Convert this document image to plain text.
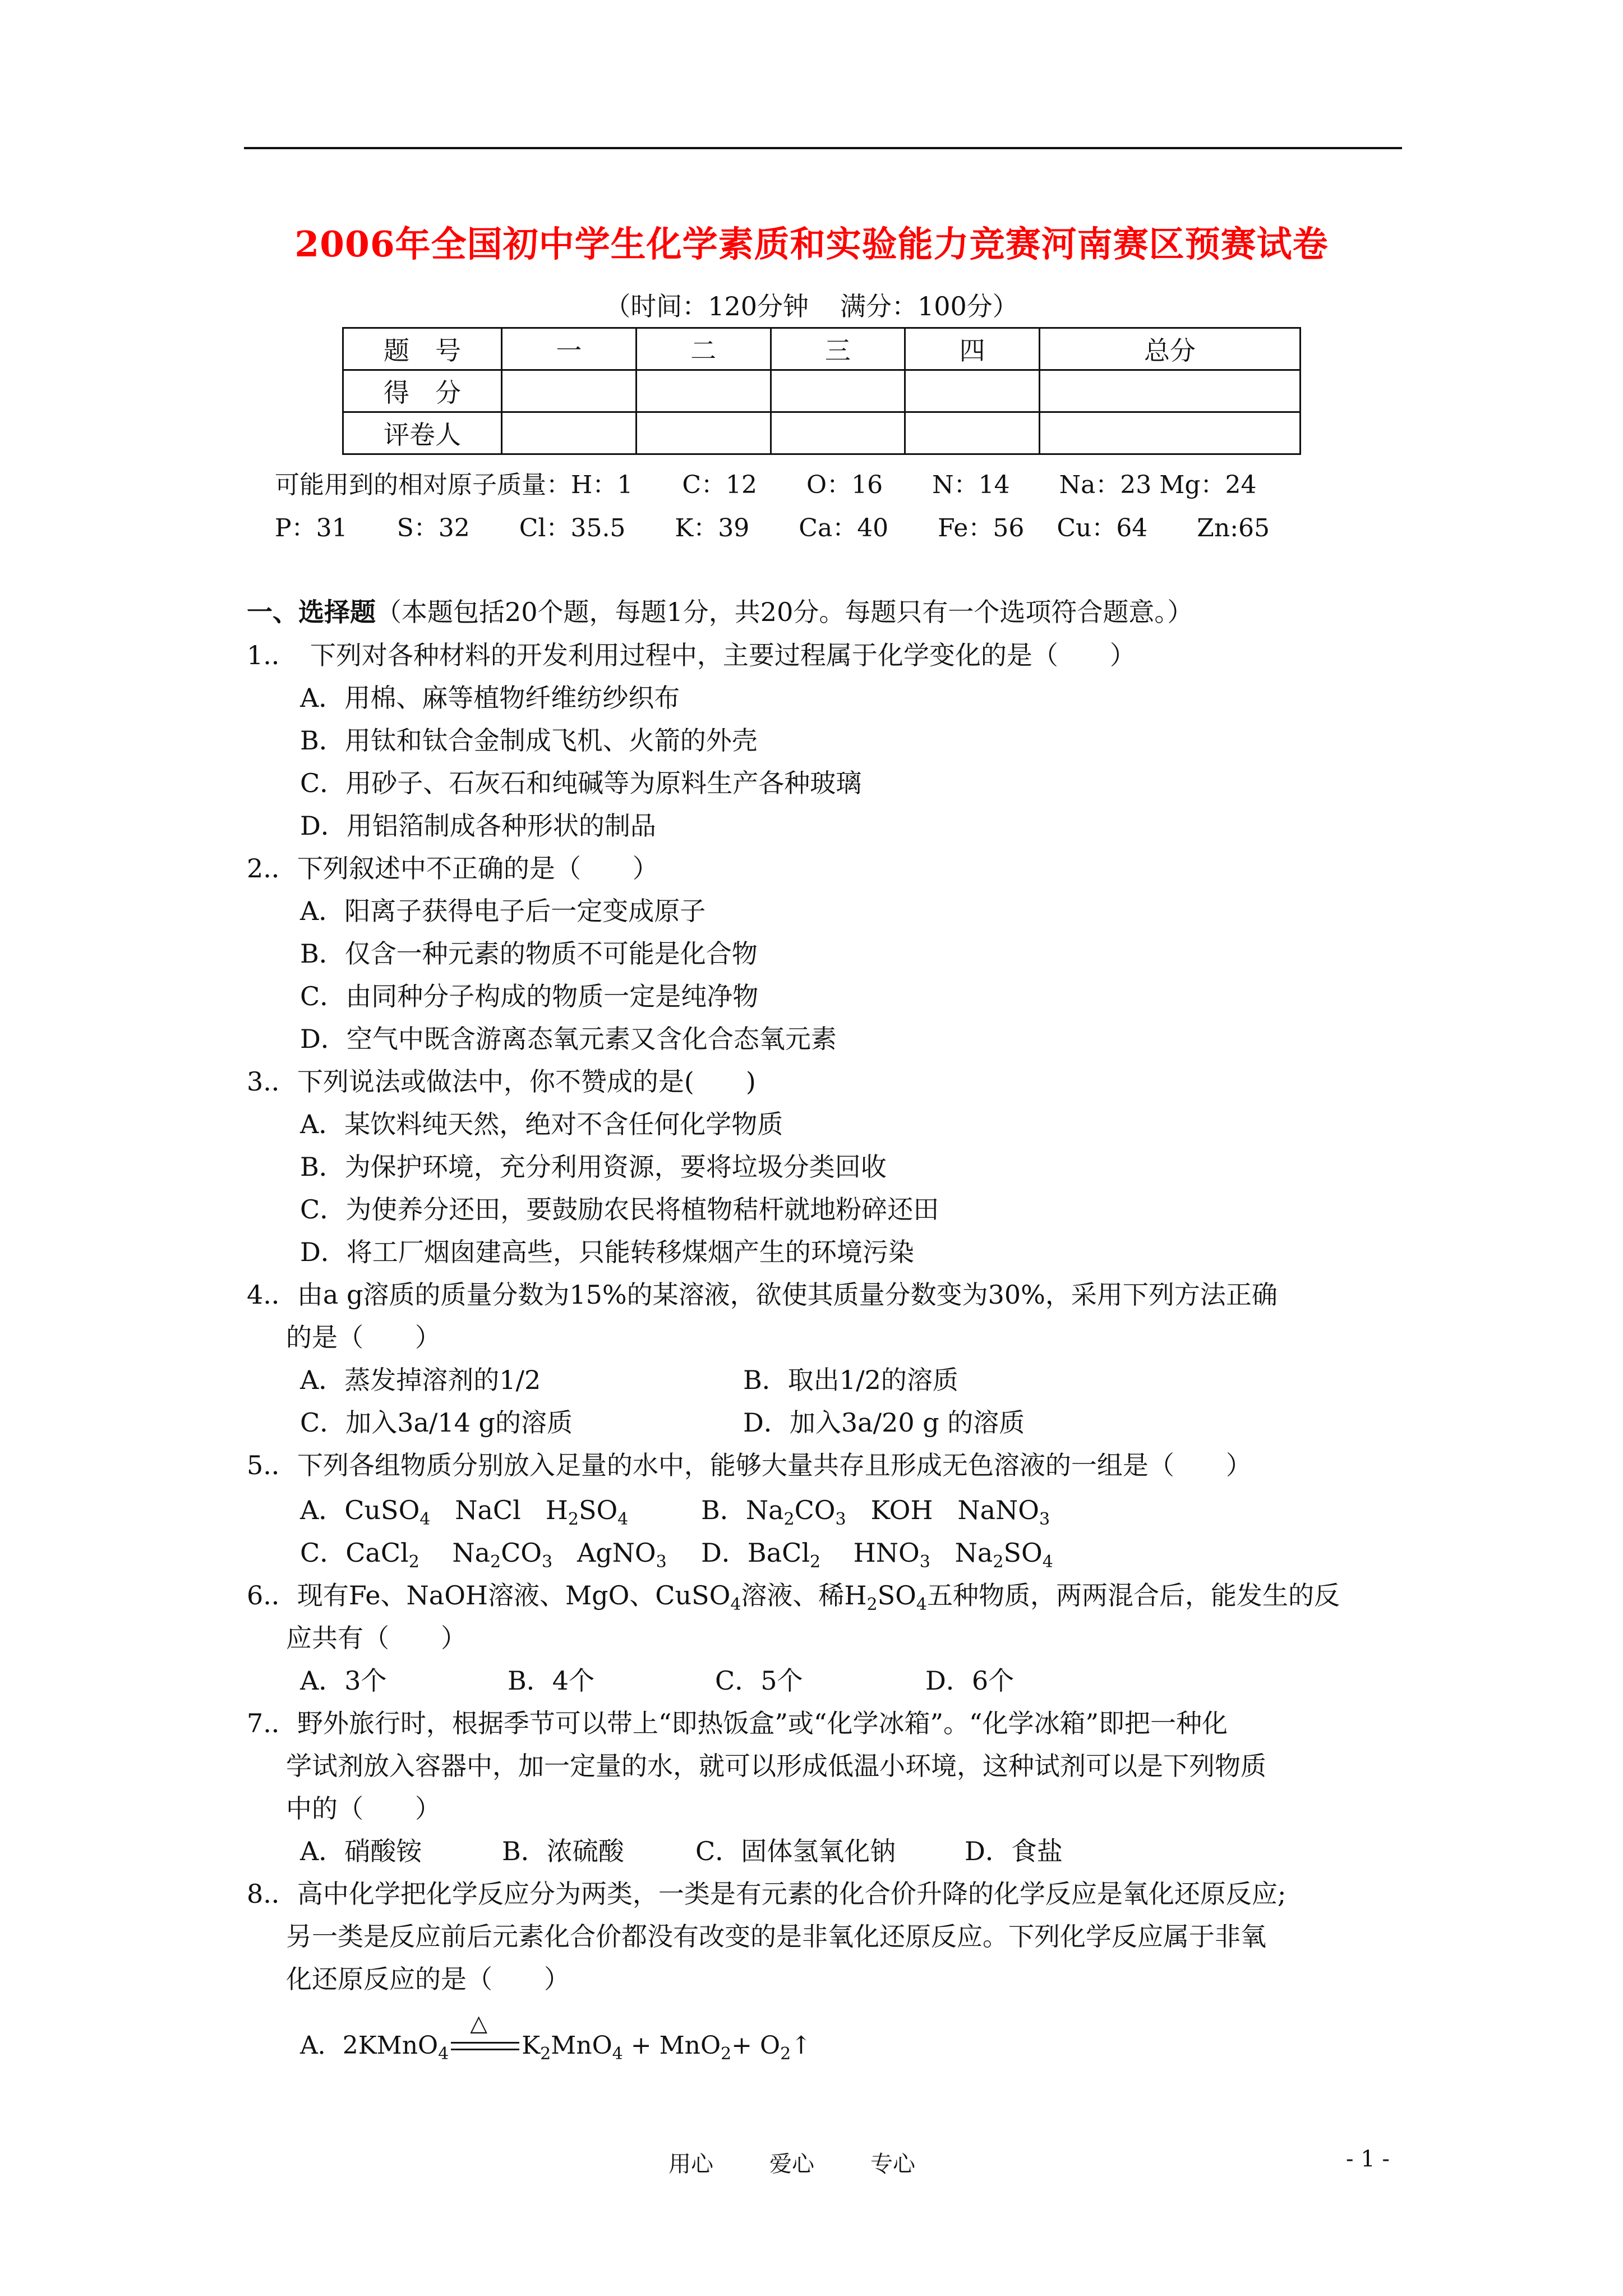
2006年全国初中学生化学素质和实验能力竞赛河南赛区预赛试卷
（时间：120分钟 满分：100分）
题　号	一	二	三	四	总分
得　分					
评卷人					
可能用到的相对原子质量：H：1　　C：12　　O：16　　N：14　　Na：23 Mg：24
P：31　　S：32　　Cl：35.5　　K：39　　Ca：40　　Fe：56　 Cu：64　　Zn:65
一、选择题（本题包括20个题，每题1分，共20分。每题只有一个选项符合题意。）
1.．　下列对各种材料的开发利用过程中，主要过程属于化学变化的是（　　）
A．用棉、麻等植物纤维纺纱织布
B．用钛和钛合金制成飞机、火箭的外壳
C．用砂子、石灰石和纯碱等为原料生产各种玻璃
D．用铝箔制成各种形状的制品
2.．下列叙述中不正确的是（　　）
A．阳离子获得电子后一定变成原子
B．仅含一种元素的物质不可能是化合物
C．由同种分子构成的物质一定是纯净物
D．空气中既含游离态氧元素又含化合态氧元素
3.．下列说法或做法中，你不赞成的是(　　)
A．某饮料纯天然，绝对不含任何化学物质
B．为保护环境，充分利用资源，要将垃圾分类回收
C．为使养分还田，要鼓励农民将植物秸杆就地粉碎还田
D．将工厂烟囱建高些，只能转移煤烟产生的环境污染
4.．由a g溶质的质量分数为15%的某溶液，欲使其质量分数变为30%，采用下列方法正确
的是（　　）
A．蒸发掉溶剂的1/2	B．取出1/2的溶质
C．加入3a/14 g的溶质	D．加入3a/20 g 的溶质
5.．下列各组物质分别放入足量的水中，能够大量共存且形成无色溶液的一组是（　　）
A．CuSO$_4$ NaCl $H_2SO_4$	B．$Na_2CO_3$ KOH NaNO$_3$
C．CaCl$_2$ $Na_2CO_3$ AgNO$_3$ D．BaCl$_2$ $HNO_3$ $Na_2SO_4$
6.．现有Fe、NaOH溶液、MgO、CuSO$_4$溶液、稀$H_2SO_4$五种物质，两两混合后，能发生的反
应共有（　　）
A．3个	B．4个	C．5个	D．6个
7.．野外旅行时，根据季节可以带上“即热饭盒”或“化学冰箱”。“化学冰箱”即把一种化
学试剂放入容器中，加一定量的水，就可以形成低温小环境，这种试剂可以是下列物质
中的（　　）
A．硝酸铵	B．浓硫酸	C．固体氢氧化钠	D．食盐
8.．高中化学把化学反应分为两类，一类是有元素的化合价升降的化学反应是氧化还原反应;
另一类是反应前后元素化合价都没有改变的是非氧化还原反应。下列化学反应属于非氧
化还原反应的是（　　）
A．2KMnO$_4$
△
$K_2MnO_4 + MnO_2+$ $O_2↑$
用心	爱心	专心	- 1 -
